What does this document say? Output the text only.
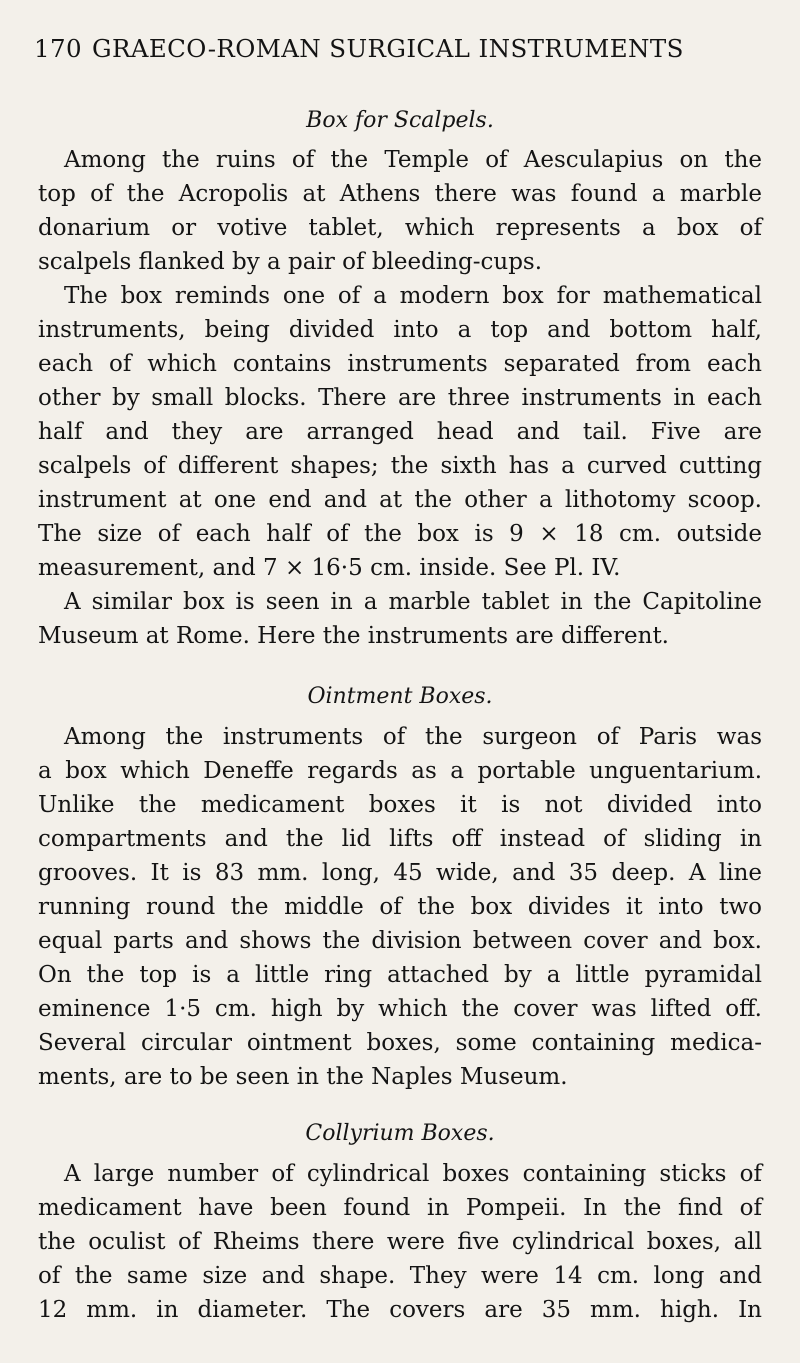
170 GRAECO-ROMAN SURGICAL INSTRUMENTS
Box for Scalpels.
Among the ruins of the Temple of Aesculapius on the
top of the Acropolis at Athens there was found a marble
donarium or votive tablet, which represents a box of
scalpels flanked by a pair of bleeding-cups.
The box reminds one of a modern box for mathematical
instruments, being divided into a top and bottom half,
each of which contains instruments separated from each
other by small blocks. There are three instruments in each
half and they are arranged head and tail. Five are
scalpels of different shapes; the sixth has a curved cutting
instrument at one end and at the other a lithotomy scoop.
The size of each half of the box is 9 × 18 cm. outside
measurement, and 7 × 16·5 cm. inside. See Pl. IV.
A similar box is seen in a marble tablet in the Capitoline
Museum at Rome. Here the instruments are different.
Ointment Boxes.
Among the instruments of the surgeon of Paris was
a box which Deneffe regards as a portable unguentarium.
Unlike the medicament boxes it is not divided into
compartments and the lid lifts off instead of sliding in
grooves. It is 83 mm. long, 45 wide, and 35 deep. A line
running round the middle of the box divides it into two
equal parts and shows the division between cover and box.
On the top is a little ring attached by a little pyramidal
eminence 1·5 cm. high by which the cover was lifted off.
Several circular ointment boxes, some containing medica-
ments, are to be seen in the Naples Museum.
Collyrium Boxes.
A large number of cylindrical boxes containing sticks of
medicament have been found in Pompeii. In the find of
the oculist of Rheims there were five cylindrical boxes, all
of the same size and shape. They were 14 cm. long and
12 mm. in diameter. The covers are 35 mm. high. In
